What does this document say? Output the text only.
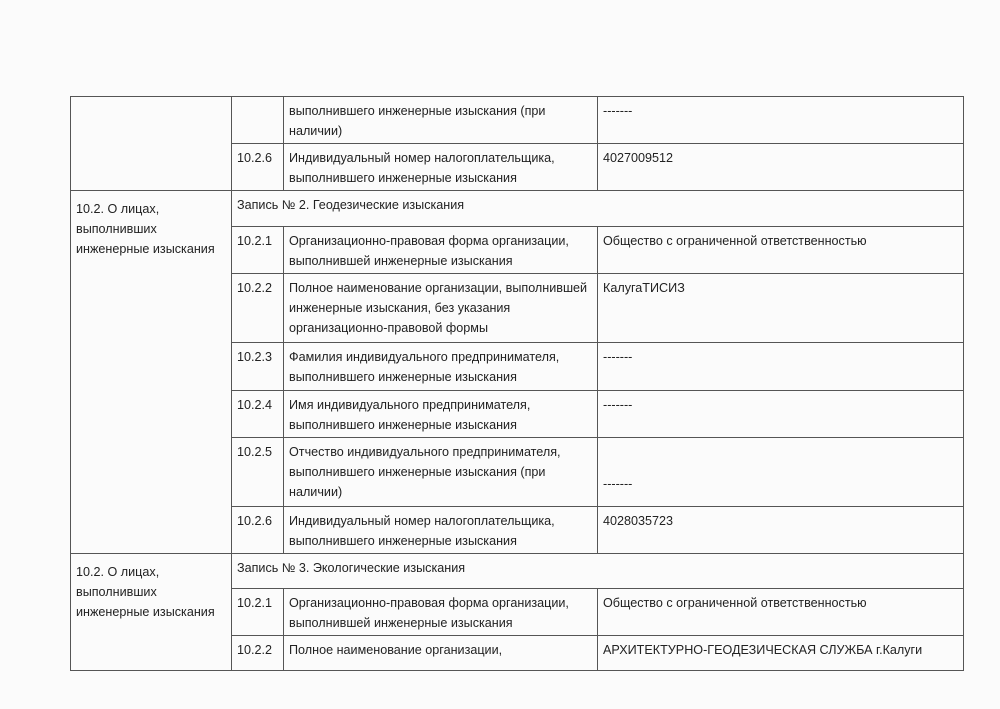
		выполнившего инженерные изыскания (при наличии)	-------
	10.2.6	Индивидуальный номер налогоплательщика, выполнившего инженерные изыскания	4027009512
10.2. О лицах, выполнивших инженерные изыскания	Запись № 2. Геодезические изыскания		
	10.2.1	Организационно-правовая форма организации, выполнившей инженерные изыскания	Общество с ограниченной ответственностью
	10.2.2	Полное наименование организации, выполнившей инженерные изыскания, без указания организационно-правовой формы	КалугаТИСИЗ
	10.2.3	Фамилия индивидуального предпринимателя, выполнившего инженерные изыскания	-------
	10.2.4	Имя индивидуального предпринимателя, выполнившего инженерные изыскания	-------
	10.2.5	Отчество индивидуального предпринимателя, выполнившего инженерные изыскания (при наличии)	-------
	10.2.6	Индивидуальный номер налогоплательщика, выполнившего инженерные изыскания	4028035723
10.2. О лицах, выполнивших инженерные изыскания	Запись № 3. Экологические изыскания		
	10.2.1	Организационно-правовая форма организации, выполнившей инженерные изыскания	Общество с ограниченной ответственностью
	10.2.2	Полное наименование организации,	АРХИТЕКТУРНО-ГЕОДЕЗИЧЕСКАЯ СЛУЖБА г.Калуги
